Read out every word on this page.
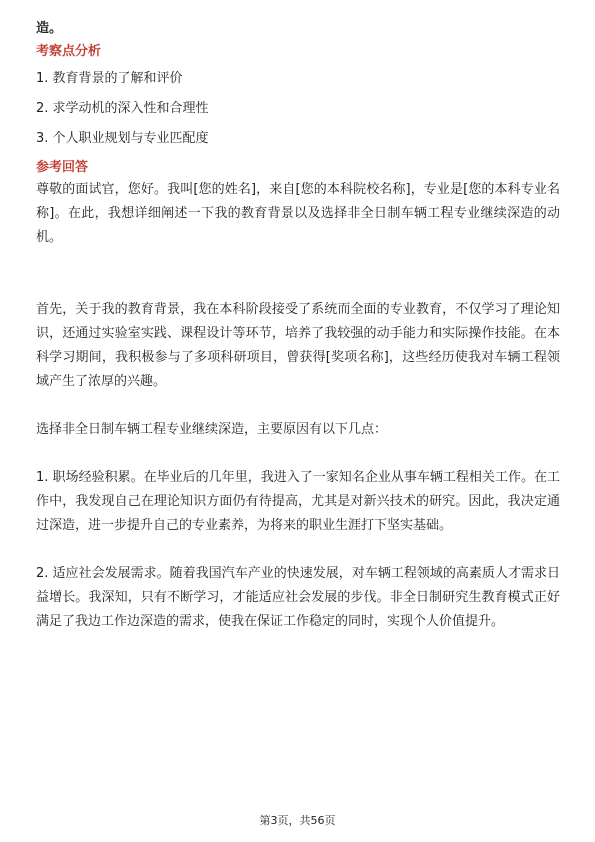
造。
考察点分析
1. 教育背景的了解和评价
2. 求学动机的深入性和合理性
3. 个人职业规划与专业匹配度
参考回答

尊敬的面试官，您好。我叫[您的姓名]，来自[您的本科院校名称]，专业是[您的本科专业名称]。在此，我想详细阐述一下我的教育背景以及选择非全日制车辆工程专业继续深造的动机。

首先，关于我的教育背景，我在本科阶段接受了系统而全面的专业教育，不仅学习了理论知识，还通过实验室实践、课程设计等环节，培养了我较强的动手能力和实际操作技能。在本科学习期间，我积极参与了多项科研项目，曾获得[奖项名称]，这些经历使我对车辆工程领域产生了浓厚的兴趣。

选择非全日制车辆工程专业继续深造，主要原因有以下几点：

1. 职场经验积累。在毕业后的几年里，我进入了一家知名企业从事车辆工程相关工作。在工作中，我发现自己在理论知识方面仍有待提高，尤其是对新兴技术的研究。因此，我决定通过深造，进一步提升自己的专业素养，为将来的职业生涯打下坚实基础。

2. 适应社会发展需求。随着我国汽车产业的快速发展，对车辆工程领域的高素质人才需求日益增长。我深知，只有不断学习，才能适应社会发展的步伐。非全日制研究生教育模式正好满足了我边工作边深造的需求，使我在保证工作稳定的同时，实现个人价值提升。

第3页，共56页
